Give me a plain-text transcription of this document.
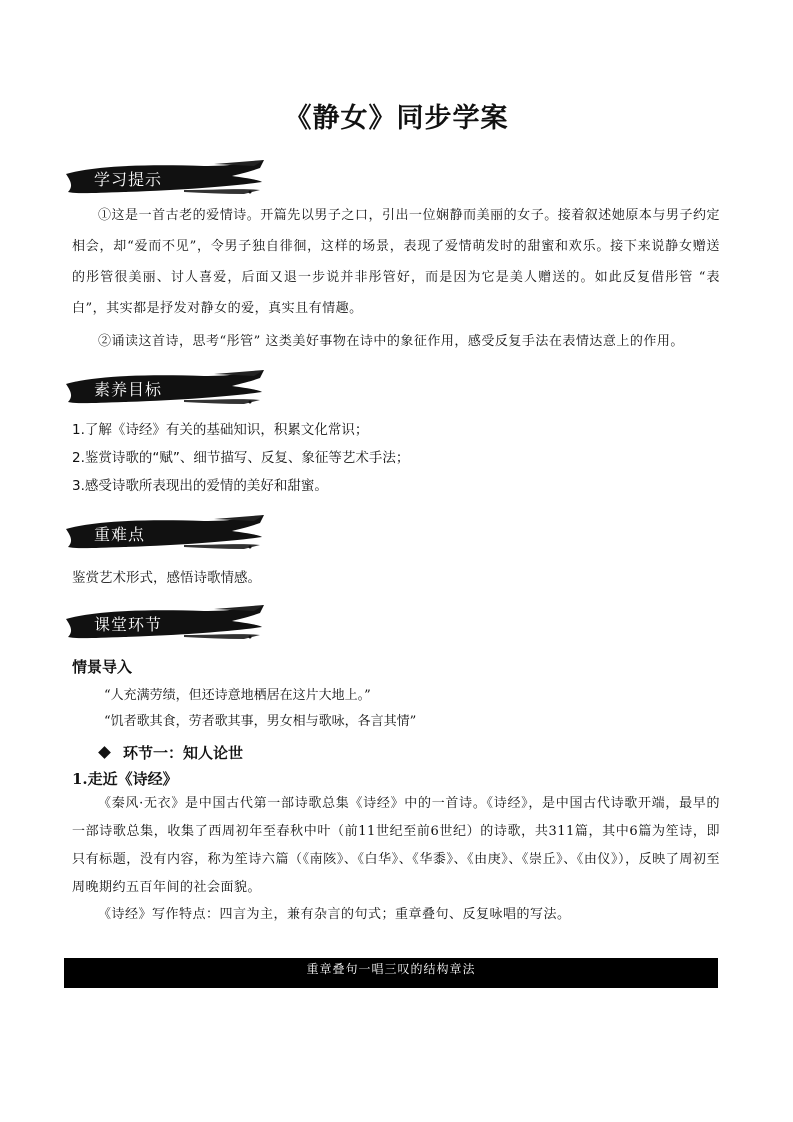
《静女》同步学案
学习提示
①这是一首古老的爱情诗。开篇先以男子之口，引出一位娴静而美丽的女子。接着叙述她原本与男子约定相会，却“爱而不见”，令男子独自徘徊，这样的场景，表现了爱情萌发时的甜蜜和欢乐。接下来说静女赠送的彤管很美丽、讨人喜爱，后面又退一步说并非彤管好，而是因为它是美人赠送的。如此反复借彤管 “表白”，其实都是抒发对静女的爱，真实且有情趣。
②诵读这首诗，思考“彤管” 这类美好事物在诗中的象征作用，感受反复手法在表情达意上的作用。
素养目标
1.了解《诗经》有关的基础知识，积累文化常识；
2.鉴赏诗歌的“赋”、细节描写、反复、象征等艺术手法；
3.感受诗歌所表现出的爱情的美好和甜蜜。
重难点
鉴赏艺术形式，感悟诗歌情感。
课堂环节
情景导入
“人充满劳绩，但还诗意地栖居在这片大地上。”
“饥者歌其食，劳者歌其事，男女相与歌咏，各言其情”
环节一：知人论世
1.走近《诗经》
《秦风·无衣》是中国古代第一部诗歌总集《诗经》中的一首诗。《诗经》，是中国古代诗歌开端，最早的一部诗歌总集，收集了西周初年至春秋中叶（前11世纪至前6世纪）的诗歌，共311篇，其中6篇为笙诗，即只有标题，没有内容，称为笙诗六篇（《南陔》、《白华》、《华黍》、《由庚》、《崇丘》、《由仪》），反映了周初至周晚期约五百年间的社会面貌。
《诗经》写作特点：四言为主，兼有杂言的句式；重章叠句、反复咏唱的写法。
重章叠句一唱三叹的结构章法
